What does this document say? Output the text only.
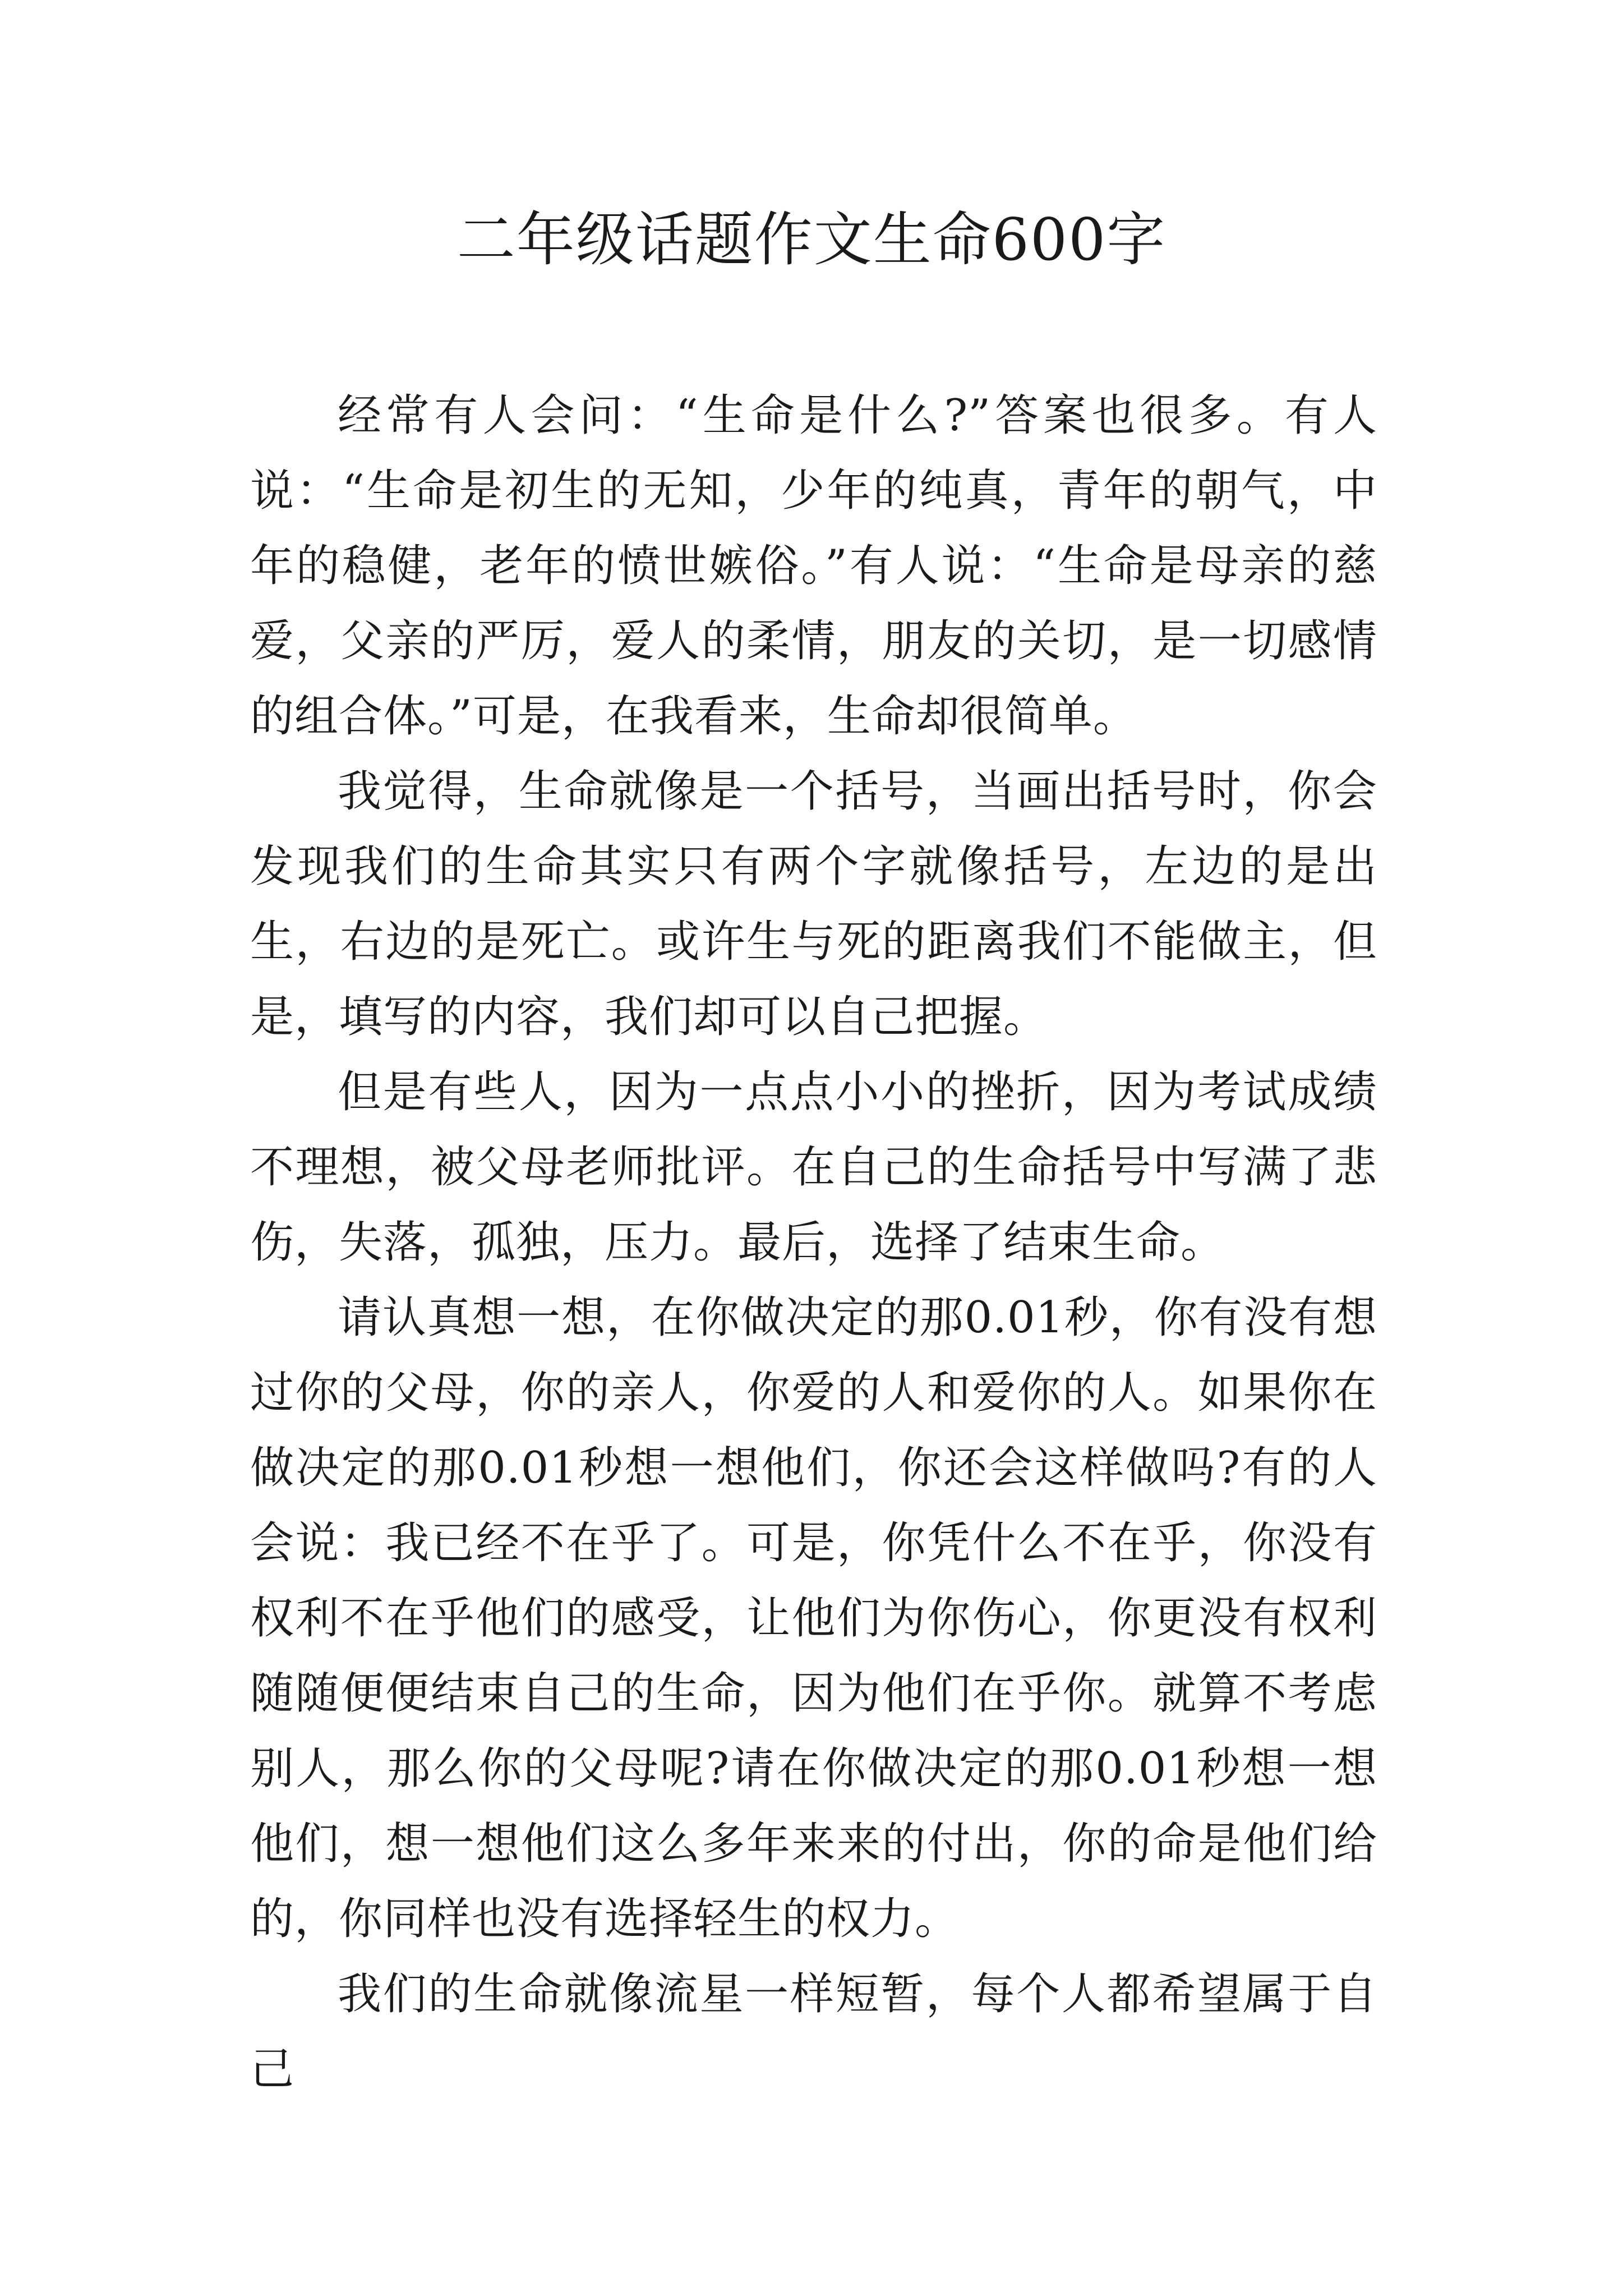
二年级话题作文生命600字

经常有人会问：“生命是什么?”答案也很多。有人说：“生命是初生的无知，少年的纯真，青年的朝气，中年的稳健，老年的愤世嫉俗。”有人说：“生命是母亲的慈爱，父亲的严厉，爱人的柔情，朋友的关切，是一切感情的组合体。”可是，在我看来，生命却很简单。

我觉得，生命就像是一个括号，当画出括号时，你会发现我们的生命其实只有两个字就像括号，左边的是出生，右边的是死亡。或许生与死的距离我们不能做主，但是，填写的内容，我们却可以自己把握。

但是有些人，因为一点点小小的挫折，因为考试成绩不理想，被父母老师批评。在自己的生命括号中写满了悲伤，失落，孤独，压力。最后，选择了结束生命。

请认真想一想，在你做决定的那0.01秒，你有没有想过你的父母，你的亲人，你爱的人和爱你的人。如果你在做决定的那0.01秒想一想他们，你还会这样做吗?有的人会说：我已经不在乎了。可是，你凭什么不在乎，你没有权利不在乎他们的感受，让他们为你伤心，你更没有权利随随便便结束自己的生命，因为他们在乎你。就算不考虑别人，那么你的父母呢?请在你做决定的那0.01秒想一想他们，想一想他们这么多年来来的付出，你的命是他们给的，你同样也没有选择轻生的权力。

我们的生命就像流星一样短暂，每个人都希望属于自己
